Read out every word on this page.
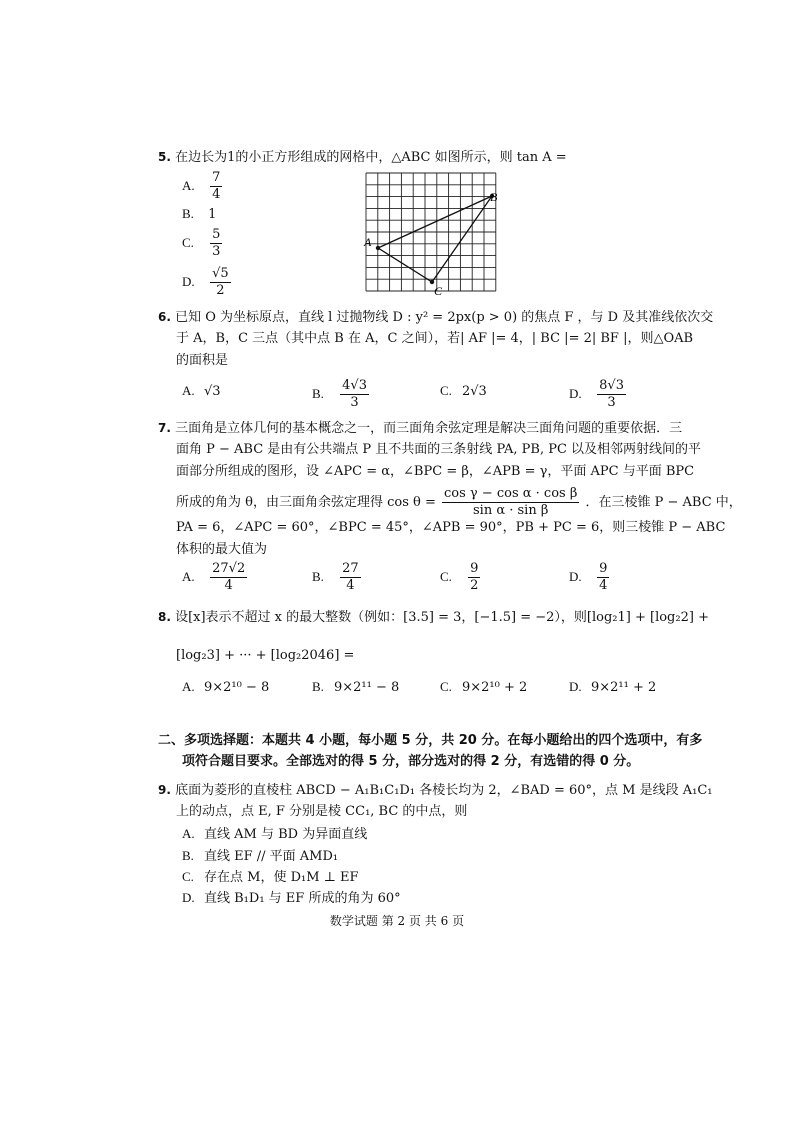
5. 在边长为1的小正方形组成的网格中，△ABC 如图所示，则 tan A =
A. $\frac{7}{4}$
B. 1
C. $\frac{5}{3}$
D. $\frac{√5}{2}$
A
B
C
6. 已知 O 为坐标原点，直线 l 过抛物线 D : y² = 2px(p > 0) 的焦点 F ，与 D 及其准线依次交
于 A，B，C 三点（其中点 B 在 A，C 之间），若| AF |= 4，| BC |= 2| BF |，则△OAB
的面积是
A. √3	B. $\frac{4√3}{3}$	C. 2√3	D. $\frac{8√3}{3}$
7. 三面角是立体几何的基本概念之一，而三面角余弦定理是解决三面角问题的重要依据．三
面角 P − ABC 是由有公共端点 P 且不共面的三条射线 PA, PB, PC 以及相邻两射线间的平
面部分所组成的图形，设 ∠APC = α，∠BPC = β，∠APB = γ，平面 APC 与平面 BPC
所成的角为 θ，由三面角余弦定理得 $\cos \theta = \frac{\text{cos γ − cos α · cos β}}{\text{sin α · sin β}}$ ．在三棱锥 P − ABC 中，
PA = 6，∠APC = 60°，∠BPC = 45°，∠APB = 90°，PB + PC = 6，则三棱锥 P − ABC
体积的最大值为
A. $\frac{27√2}{4}$	B. $\frac{27}{4}$	C. $\frac{9}{2}$	D. $\frac{9}{4}$
8. 设[x]表示不超过 x 的最大整数（例如：[3.5] = 3，[−1.5] = −2），则[log₂1] + [log₂2] +
[log₂3] + ··· + [log₂2046] =
A. 9×2¹⁰ − 8	B. 9×2¹¹ − 8	C. 9×2¹⁰ + 2	D. 9×2¹¹ + 2
二、多项选择题：本题共 4 小题，每小题 5 分，共 20 分。在每小题给出的四个选项中，有多
项符合题目要求。全部选对的得 5 分，部分选对的得 2 分，有选错的得 0 分。
9. 底面为菱形的直棱柱 ABCD − A₁B₁C₁D₁ 各棱长均为 2，∠BAD = 60°，点 M 是线段 A₁C₁
上的动点，点 E, F 分别是棱 CC₁, BC 的中点，则
A. 直线 AM 与 BD 为异面直线
B. 直线 EF // 平面 AMD₁
C. 存在点 M，使 D₁M ⊥ EF
D. 直线 B₁D₁ 与 EF 所成的角为 60°
数学试题 第 2 页 共 6 页
